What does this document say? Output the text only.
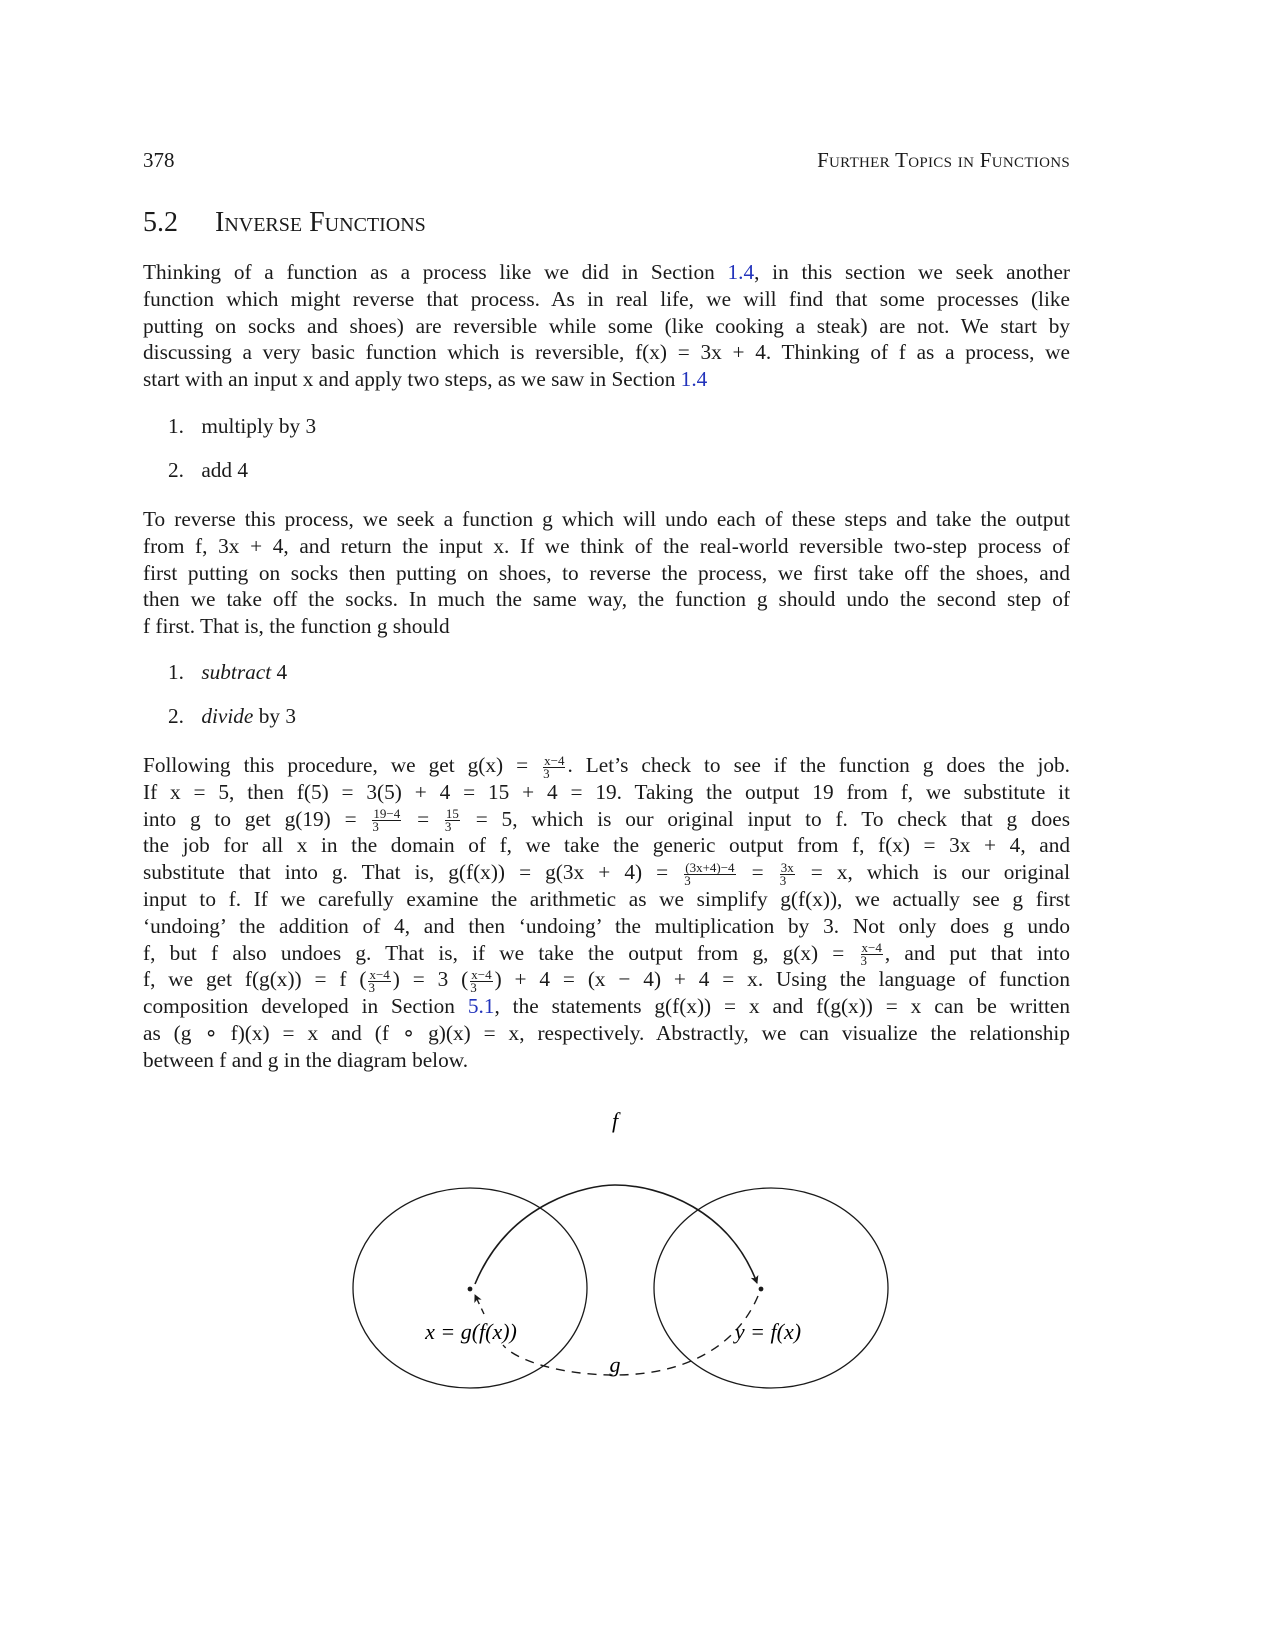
378	Further Topics in Functions
5.2 Inverse Functions
Thinking of a function as a process like we did in Section 1.4, in this section we seek another
function which might reverse that process. As in real life, we will find that some processes (like
putting on socks and shoes) are reversible while some (like cooking a steak) are not. We start by
discussing a very basic function which is reversible, f(x) = 3x + 4. Thinking of f as a process, we
start with an input x and apply two steps, as we saw in Section 1.4
1. multiply by 3
2. add 4
To reverse this process, we seek a function g which will undo each of these steps and take the output
from f, 3x + 4, and return the input x. If we think of the real-world reversible two-step process of
first putting on socks then putting on shoes, to reverse the process, we first take off the shoes, and
then we take off the socks. In much the same way, the function g should undo the second step of
f first. That is, the function g should
1. subtract 4
2. divide by 3
Following this procedure, we get $g(x) = \frac{x-4}{3}$ . Let’s check to see if the function g does the job.
If x = 5, then f(5) = 3(5) + 4 = 15 + 4 = 19. Taking the output 19 from f, we substitute it
into g to get $g(19) = \frac{19-4}{3} = \frac{15}{3} = 5$, which is our original input to f. To check that g does
the job for all x in the domain of f, we take the generic output from f, f(x) = 3x + 4, and
substitute that into g. That is, $g(f(x)) = g(3x + 4) = \frac{(3x+4)-4}{3} = \frac{3x}{3} = x$, which is our original
input to f. If we carefully examine the arithmetic as we simplify g(f(x)), we actually see g first
‘undoing’ the addition of 4, and then ‘undoing’ the multiplication by 3. Not only does g undo
f, but f also undoes g. That is, if we take the output from g, $g(x) = \frac{x-4}{3}$ , and put that into
f, we get f(g(x)) = f ( $\frac{x-4}{3}$ ) = 3 ( $\frac{x-4}{3}$ ) + 4 = (x − 4) + 4 = x. Using the language of function
composition developed in Section 5.1, the statements g(f(x)) = x and f(g(x)) = x can be written
as (g ∘ f)(x) = x and (f ∘ g)(x) = x, respectively. Abstractly, we can visualize the relationship
between f and g in the diagram below.
f
g
x = g(f(x))	y = f(x)
